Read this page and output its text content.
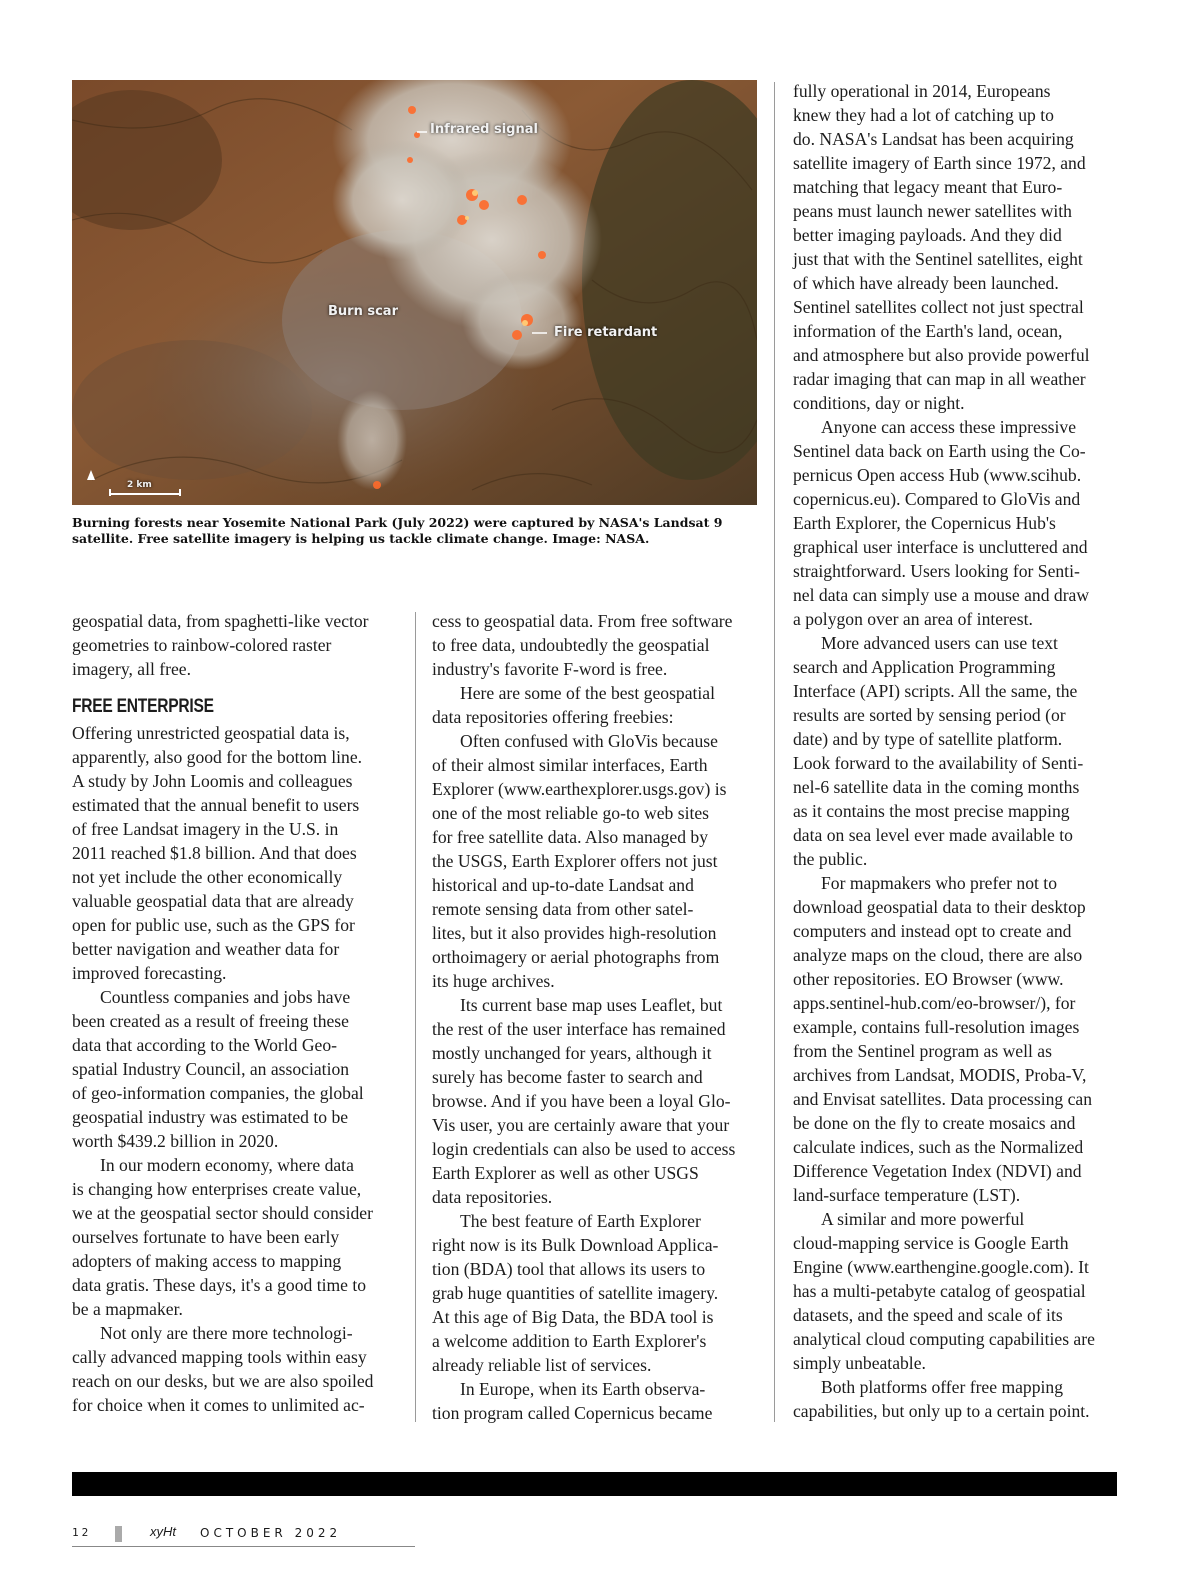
Infrared signal
Burn scar
Fire retardant
2 km
Burning forests near Yosemite National Park (July 2022) were captured by NASA's Landsat 9 satellite. Free satellite imagery is helping us tackle climate change. Image: NASA.

geospatial data, from spaghetti-like vector

geometries to rainbow-colored raster

imagery, all free.

FREE ENTERPRISE

Offering unrestricted geospatial data is,

apparently, also good for the bottom line.

A study by John Loomis and colleagues

estimated that the annual benefit to users

of free Landsat imagery in the U.S. in

2011 reached $1.8 billion. And that does

not yet include the other economically

valuable geospatial data that are already

open for public use, such as the GPS for

better navigation and weather data for

improved forecasting.

Countless companies and jobs have

been created as a result of freeing these

data that according to the World Geo-

spatial Industry Council, an association

of geo-information companies, the global

geospatial industry was estimated to be

worth $439.2 billion in 2020.

In our modern economy, where data

is changing how enterprises create value,

we at the geospatial sector should consider

ourselves fortunate to have been early

adopters of making access to mapping

data gratis. These days, it's a good time to

be a mapmaker.

Not only are there more technologi-

cally advanced mapping tools within easy

reach on our desks, but we are also spoiled

for choice when it comes to unlimited ac-

cess to geospatial data. From free software

to free data, undoubtedly the geospatial

industry's favorite F-word is free.

Here are some of the best geospatial

data repositories offering freebies:

Often confused with GloVis because

of their almost similar interfaces, Earth

Explorer (www.earthexplorer.usgs.gov) is

one of the most reliable go-to web sites

for free satellite data. Also managed by

the USGS, Earth Explorer offers not just

historical and up-to-date Landsat and

remote sensing data from other satel-

lites, but it also provides high-resolution

orthoimagery or aerial photographs from

its huge archives.

Its current base map uses Leaflet, but

the rest of the user interface has remained

mostly unchanged for years, although it

surely has become faster to search and

browse. And if you have been a loyal Glo-

Vis user, you are certainly aware that your

login credentials can also be used to access

Earth Explorer as well as other USGS

data repositories.

The best feature of Earth Explorer

right now is its Bulk Download Applica-

tion (BDA) tool that allows its users to

grab huge quantities of satellite imagery.

At this age of Big Data, the BDA tool is

a welcome addition to Earth Explorer's

already reliable list of services.

In Europe, when its Earth observa-

tion program called Copernicus became

fully operational in 2014, Europeans

knew they had a lot of catching up to

do. NASA's Landsat has been acquiring

satellite imagery of Earth since 1972, and

matching that legacy meant that Euro-

peans must launch newer satellites with

better imaging payloads. And they did

just that with the Sentinel satellites, eight

of which have already been launched.

Sentinel satellites collect not just spectral

information of the Earth's land, ocean,

and atmosphere but also provide powerful

radar imaging that can map in all weather

conditions, day or night.

Anyone can access these impressive

Sentinel data back on Earth using the Co-

pernicus Open access Hub (www.scihub.

copernicus.eu). Compared to GloVis and

Earth Explorer, the Copernicus Hub's

graphical user interface is uncluttered and

straightforward. Users looking for Senti-

nel data can simply use a mouse and draw

a polygon over an area of interest.

More advanced users can use text

search and Application Programming

Interface (API) scripts. All the same, the

results are sorted by sensing period (or

date) and by type of satellite platform.

Look forward to the availability of Senti-

nel-6 satellite data in the coming months

as it contains the most precise mapping

data on sea level ever made available to

the public.

For mapmakers who prefer not to

download geospatial data to their desktop

computers and instead opt to create and

analyze maps on the cloud, there are also

other repositories. EO Browser (www.

apps.sentinel-hub.com/eo-browser/), for

example, contains full-resolution images

from the Sentinel program as well as

archives from Landsat, MODIS, Proba-V,

and Envisat satellites. Data processing can

be done on the fly to create mosaics and

calculate indices, such as the Normalized

Difference Vegetation Index (NDVI) and

land-surface temperature (LST).

A similar and more powerful

cloud-mapping service is Google Earth

Engine (www.earthengine.google.com). It

has a multi-petabyte catalog of geospatial

datasets, and the speed and scale of its

analytical cloud computing capabilities are

simply unbeatable.

Both platforms offer free mapping

capabilities, but only up to a certain point.

12	xyHt OCTOBER 2022
